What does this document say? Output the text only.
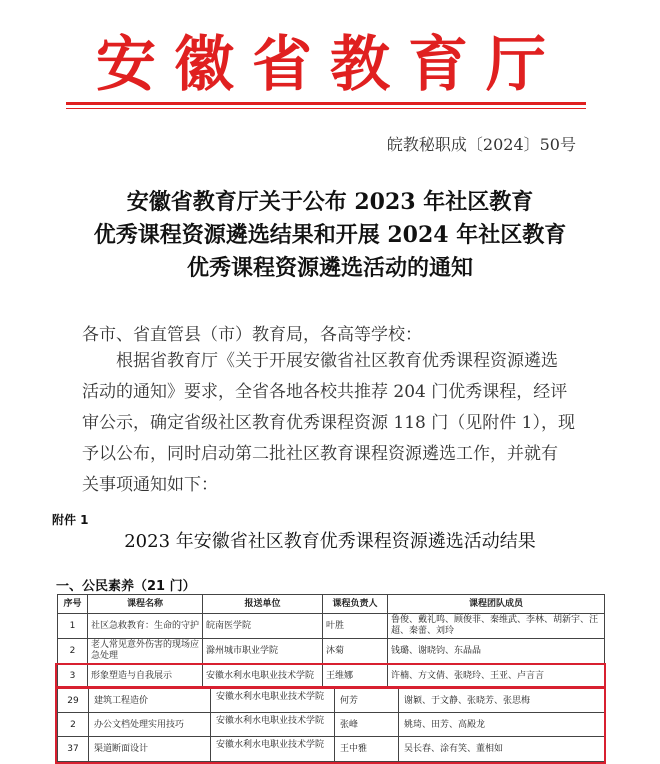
安徽省教育厅
皖教秘职成〔2024〕50号
安徽省教育厅关于公布 2023 年社区教育
优秀课程资源遴选结果和开展 2024 年社区教育
优秀课程资源遴选活动的通知
各市、省直管县（市）教育局，各高等学校：
根据省教育厅《关于开展安徽省社区教育优秀课程资源遴选
活动的通知》要求，全省各地各校共推荐 204 门优秀课程，经评
审公示，确定省级社区教育优秀课程资源 118 门（见附件 1），现
予以公布，同时启动第二批社区教育课程资源遴选工作，并就有
关事项通知如下：
附件 1
2023 年安徽省社区教育优秀课程资源遴选活动结果
一、公民素养（21 门）
序号	课程名称	报送单位	课程负责人	课程团队成员
1	社区急救教育：生命的守护	皖南医学院	叶胜	鲁俊、戴礼鸣、顾俊菲、秦维武、李林、胡新宇、汪超、秦蕾、刘玲
2	老人常见意外伤害的现场应急处理	滁州城市职业学院	沐菊	钱璐、谢晓钧、东晶晶
3	形象塑造与自我展示	安徽水利水电职业技术学院	王维娜	许楠、方文倩、张晓玲、王亚、卢言言
29	建筑工程造价	安徽水利水电职业技术学院	何芳	谢颖、于文静、张晓芳、张思梅
2	办公文档处理实用技巧	安徽水利水电职业技术学院	张峰	姚琦、田芳、高殿龙
37	渠道断面设计	安徽水利水电职业技术学院	王中雅	吴长春、涂有笑、董相如
